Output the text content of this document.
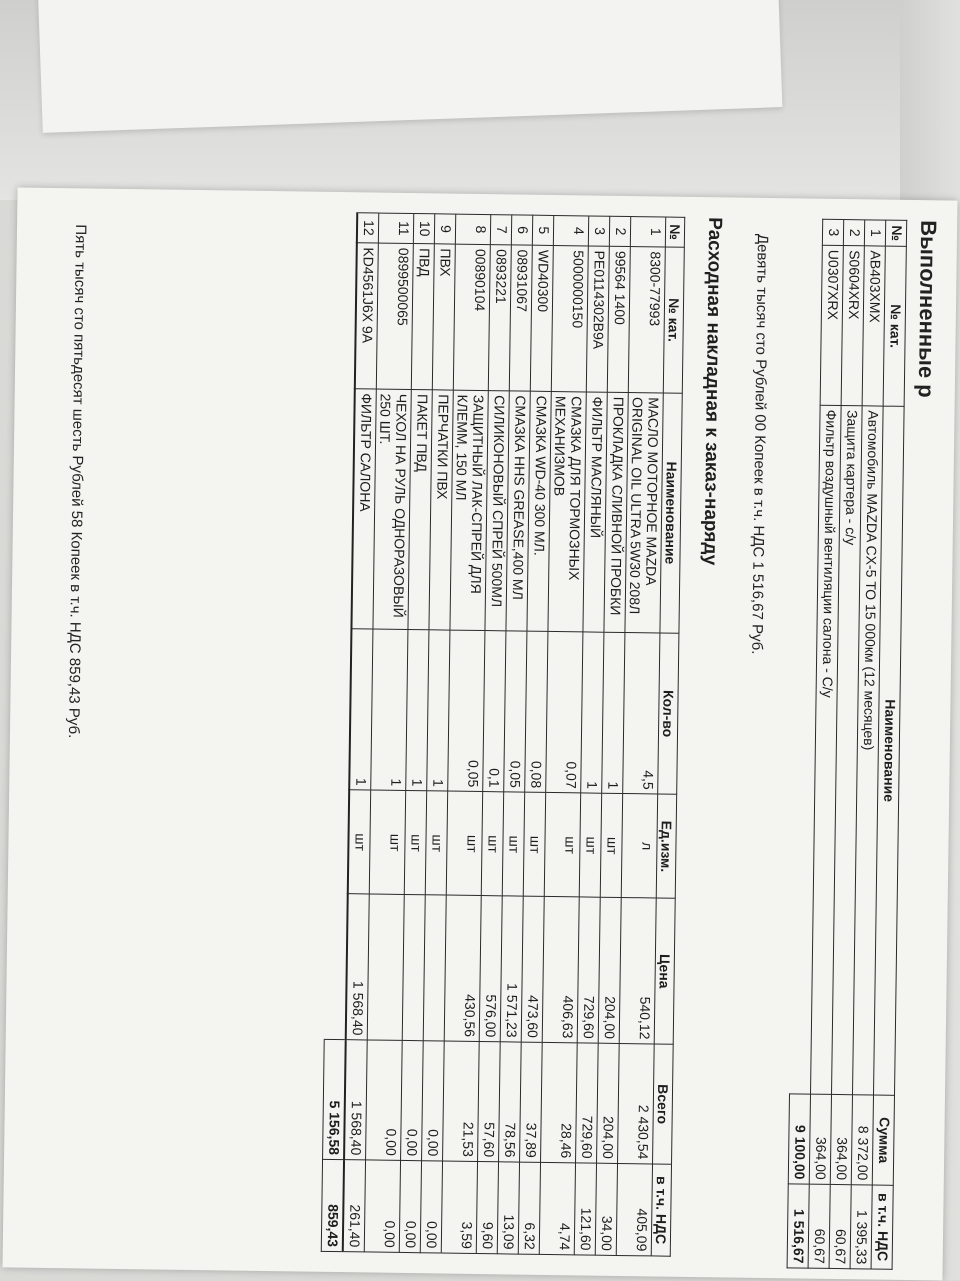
Выполненные р
№	№ кат.	Наименование	Сумма	в т.ч. НДС
1	AB403XMX	Автомобиль MAZDA CX-5 ТО 15 000км (12 месяцев)	8 372,00	1 395,33
2	S0604XRX	Защита картера - с/у	364,00	60,67
3	U0307XRX	Фильтр воздушный вентиляции салона - С/у	364,00	60,67
			9 100,00	1 516,67
Девять тысяч сто Рублей 00 Копеек в т.ч. НДС 1 516,67 Руб.
Расходная накладная к заказ-наряду
№	№ кат.	Наименование	Кол-во	Ед.изм.	Цена	Всего	в т.ч. НДС
1	8300-77993	МАСЛО МОТОРНОЕ MAZDA ORIGINAL OIL ULTRA 5W30 208Л	4,5	л	540,12	2 430,54	405,09
2	99564 1400	ПРОКЛАДКА СЛИВНОЙ ПРОБКИ	1	шт	204,00	204,00	34,00
3	PE0114302B9A	ФИЛЬТР МАСЛЯНЫЙ	1	шт	729,60	729,60	121,60
4	5000000150	СМАЗКА ДЛЯ ТОРМОЗНЫХ МЕХАНИЗМОВ	0,07	шт	406,63	28,46	4,74
5	WD40300	СМАЗКА WD-40 300 МЛ.	0,08	шт	473,60	37,89	6,32
6	08931067	СМАЗКА HHS GREASE,400 МЛ	0,05	шт	1 571,23	78,56	13,09
7	0893221	СИЛИКОНОВЫЙ СПРЕЙ 500МЛ	0,1	шт	576,00	57,60	9,60
8	00890104	ЗАЩИТНЫЙ ЛАК-СПРЕЙ ДЛЯ КЛЕММ, 150 МЛ	0,05	шт	430,56	21,53	3,59
9	ПВХ	ПЕРЧАТКИ ПВХ	1	шт		0,00	0,00
10	ПВД	ПАКЕТ ПВД	1	шт		0,00	0,00
11	0899500065	ЧЕХОЛ НА РУЛЬ ОДНОРАЗОВЫЙ 250 ШТ.	1	шт		0,00	0,00
12	KD4561J6X 9A	ФИЛЬТР САЛОНА	1	шт	1 568,40	1 568,40	261,40
						5 156,58	859,43
Пять тысяч сто пятьдесят шесть Рублей 58 Копеек в т.ч. НДС 859,43 Руб.
